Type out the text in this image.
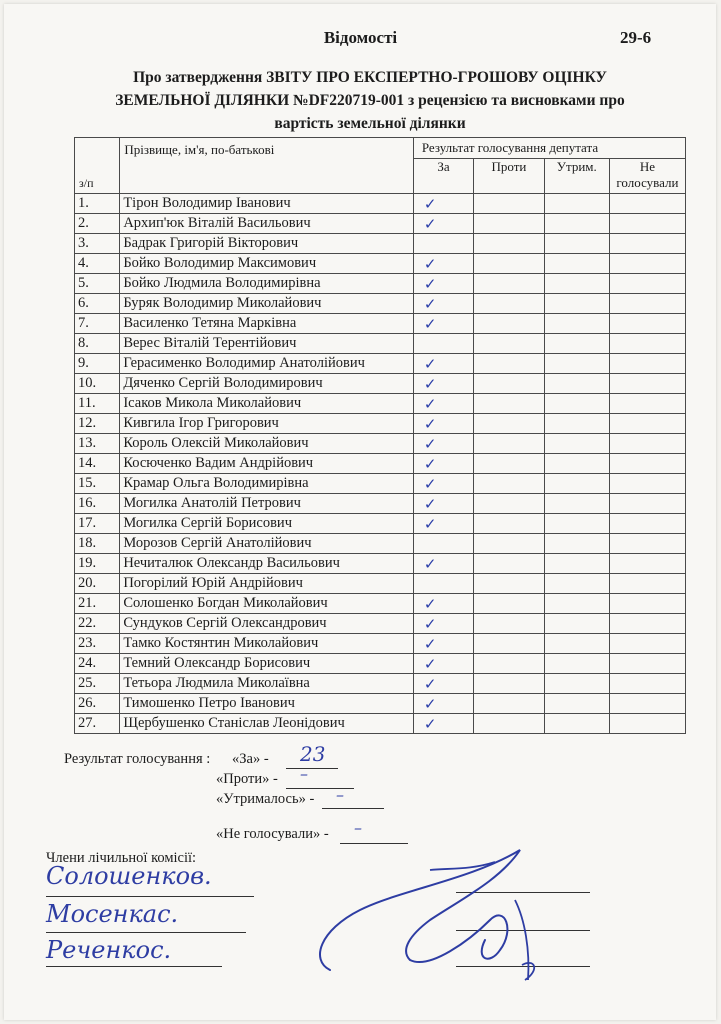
Відомості	29-6
Про затвердження ЗВІТУ ПРО ЕКСПЕРТНО-ГРОШОВУ ОЦІНКУ
ЗЕМЕЛЬНОЇ ДІЛЯНКИ №DF220719-001 з рецензією та висновками про
вартість земельної ділянки
з/п	Прізвище, ім'я, по-батькові	Результат голосування депутата			
		За	Проти	Утрим.	Не голосували
1.	Тірон Володимир Іванович	✓			
2.	Архип'юк Віталій Васильович	✓			
3.	Бадрак Григорій Вікторович				
4.	Бойко Володимир Максимович	✓			
5.	Бойко Людмила Володимирівна	✓			
6.	Буряк Володимир Миколайович	✓			
7.	Василенко Тетяна Марківна	✓			
8.	Верес Віталій Терентійович				
9.	Герасименко Володимир Анатолійович	✓			
10.	Дяченко Сергій Володимирович	✓			
11.	Ісаков Микола Миколайович	✓			
12.	Кивгила Ігор Григорович	✓			
13.	Король Олексій Миколайович	✓			
14.	Косюченко Вадим Андрійович	✓			
15.	Крамар Ольга Володимирівна	✓			
16.	Могилка Анатолій Петрович	✓			
17.	Могилка Сергій Борисович	✓			
18.	Морозов Сергій Анатолійович				
19.	Нечиталюк Олександр Васильович	✓			
20.	Погорілий Юрій Андрійович				
21.	Солошенко Богдан Миколайович	✓			
22.	Сундуков Сергій Олександрович	✓			
23.	Тамко Костянтин Миколайович	✓			
24.	Темний Олександр Борисович	✓			
25.	Тетьора Людмила Миколаївна	✓			
26.	Тимошенко Петро Іванович	✓			
27.	Щербушенко Станіслав Леонідович	✓			
Результат голосування : «За» - 23
«Проти» - –
«Утрималось» - –
«Не голосували» - –
Члени лічильної комісії:
Солошенков.
Мосенкас.
Реченкос.
